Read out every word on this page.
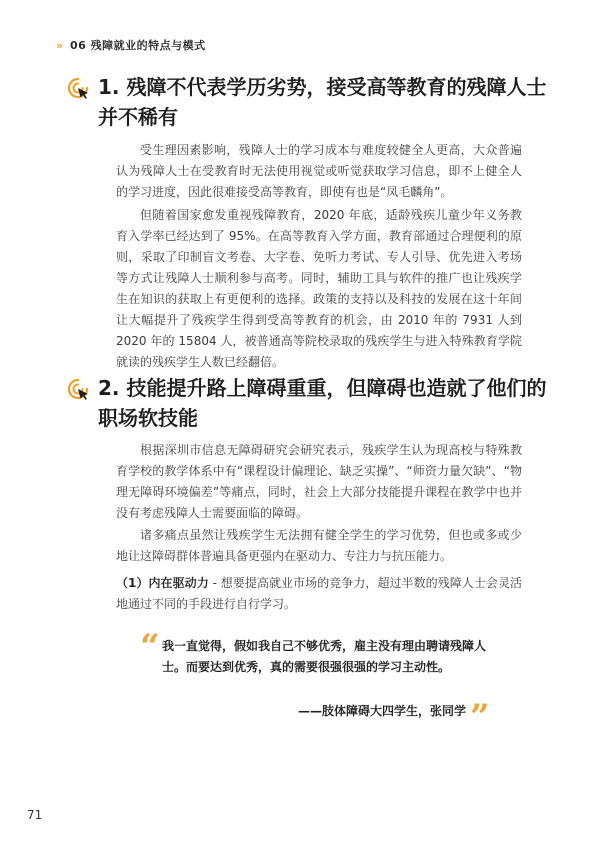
» 06 残障就业的特点与模式
1. 残障不代表学历劣势，接受高等教育的残障人士并不稀有

受生理因素影响，残障人士的学习成本与难度较健全人更高，大众普遍认为残障人士在受教育时无法使用视觉或听觉获取学习信息，即不上健全人的学习进度，因此很难接受高等教育，即使有也是“凤毛麟角”。

但随着国家愈发重视残障教育，2020 年底，适龄残疾儿童少年义务教育入学率已经达到了 95%。在高等教育入学方面，教育部通过合理便利的原则，采取了印制盲文考卷、大字卷、免听力考试、专人引导、优先进入考场等方式让残障人士顺利参与高考。同时，辅助工具与软件的推广也让残疾学生在知识的获取上有更便利的选择。政策的支持以及科技的发展在这十年间让大幅提升了残疾学生得到受高等教育的机会，由 2010 年的 7931 人到 2020 年的 15804 人，被普通高等院校录取的残疾学生与进入特殊教育学院就读的残疾学生人数已经翻倍。

2. 技能提升路上障碍重重，但障碍也造就了他们的职场软技能

根据深圳市信息无障碍研究会研究表示，残疾学生认为现高校与特殊教育学校的教学体系中有“课程设计偏理论、缺乏实操”、“师资力量欠缺”、“物理无障碍环境偏差”等痛点，同时，社会上大部分技能提升课程在教学中也并没有考虑残障人士需要面临的障碍。

诸多痛点虽然让残疾学生无法拥有健全学生的学习优势，但也或多或少地让这障碍群体普遍具备更强内在驱动力、专注力与抗压能力。

（1）内在驱动力 - 想要提高就业市场的竞争力，超过半数的残障人士会灵活地通过不同的手段进行自行学习。

“ 我一直觉得，假如我自己不够优秀，雇主没有理由聘请残障人士。而要达到优秀，真的需要很强很强的学习主动性。
——肢体障碍大四学生，张同学 ”
71
